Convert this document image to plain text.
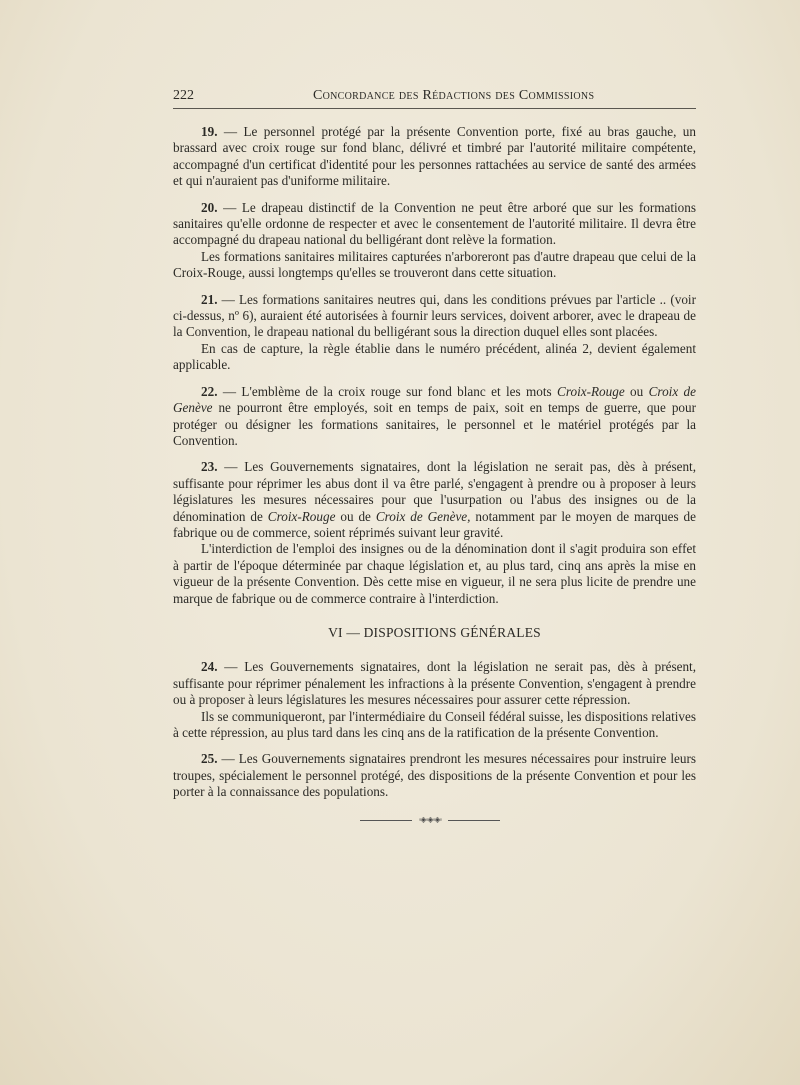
222	Concordance des Rédactions des Commissions

19. — Le personnel protégé par la présente Convention porte, fixé au bras gauche, un brassard avec croix rouge sur fond blanc, délivré et timbré par l'autorité militaire compétente, accompagné d'un certificat d'identité pour les personnes rattachées au service de santé des armées et qui n'auraient pas d'uniforme militaire.

20. — Le drapeau distinctif de la Convention ne peut être arboré que sur les formations sanitaires qu'elle ordonne de respecter et avec le consentement de l'autorité militaire. Il devra être accompagné du drapeau national du belligérant dont relève la formation.

Les formations sanitaires militaires capturées n'arboreront pas d'autre drapeau que celui de la Croix-Rouge, aussi longtemps qu'elles se trouveront dans cette situation.

21. — Les formations sanitaires neutres qui, dans les conditions prévues par l'article .. (voir ci-dessus, nº 6), auraient été autorisées à fournir leurs services, doivent arborer, avec le drapeau de la Convention, le drapeau national du belligérant sous la direction duquel elles sont placées.

En cas de capture, la règle établie dans le numéro précédent, alinéa 2, devient également applicable.

22. — L'emblème de la croix rouge sur fond blanc et les mots Croix-Rouge ou Croix de Genève ne pourront être employés, soit en temps de paix, soit en temps de guerre, que pour protéger ou désigner les formations sanitaires, le personnel et le matériel protégés par la Convention.

23. — Les Gouvernements signataires, dont la législation ne serait pas, dès à présent, suffisante pour réprimer les abus dont il va être parlé, s'engagent à prendre ou à proposer à leurs législatures les mesures nécessaires pour que l'usurpation ou l'abus des insignes ou de la dénomination de Croix-Rouge ou de Croix de Genève, notamment par le moyen de marques de fabrique ou de commerce, soient réprimés suivant leur gravité.

L'interdiction de l'emploi des insignes ou de la dénomination dont il s'agit produira son effet à partir de l'époque déterminée par chaque législation et, au plus tard, cinq ans après la mise en vigueur de la présente Convention. Dès cette mise en vigueur, il ne sera plus licite de prendre une marque de fabrique ou de commerce contraire à l'interdiction.

VI — DISPOSITIONS GÉNÉRALES

24. — Les Gouvernements signataires, dont la législation ne serait pas, dès à présent, suffisante pour réprimer pénalement les infractions à la présente Convention, s'engagent à prendre ou à proposer à leurs législatures les mesures nécessaires pour assurer cette répression.

Ils se communiqueront, par l'intermédiaire du Conseil fédéral suisse, les dispositions relatives à cette répression, au plus tard dans les cinq ans de la ratification de la présente Convention.

25. — Les Gouvernements signataires prendront les mesures nécessaires pour instruire leurs troupes, spécialement le personnel protégé, des dispositions de la présente Convention et pour les porter à la connaissance des populations.

◦◈◦◈◦◈◦
